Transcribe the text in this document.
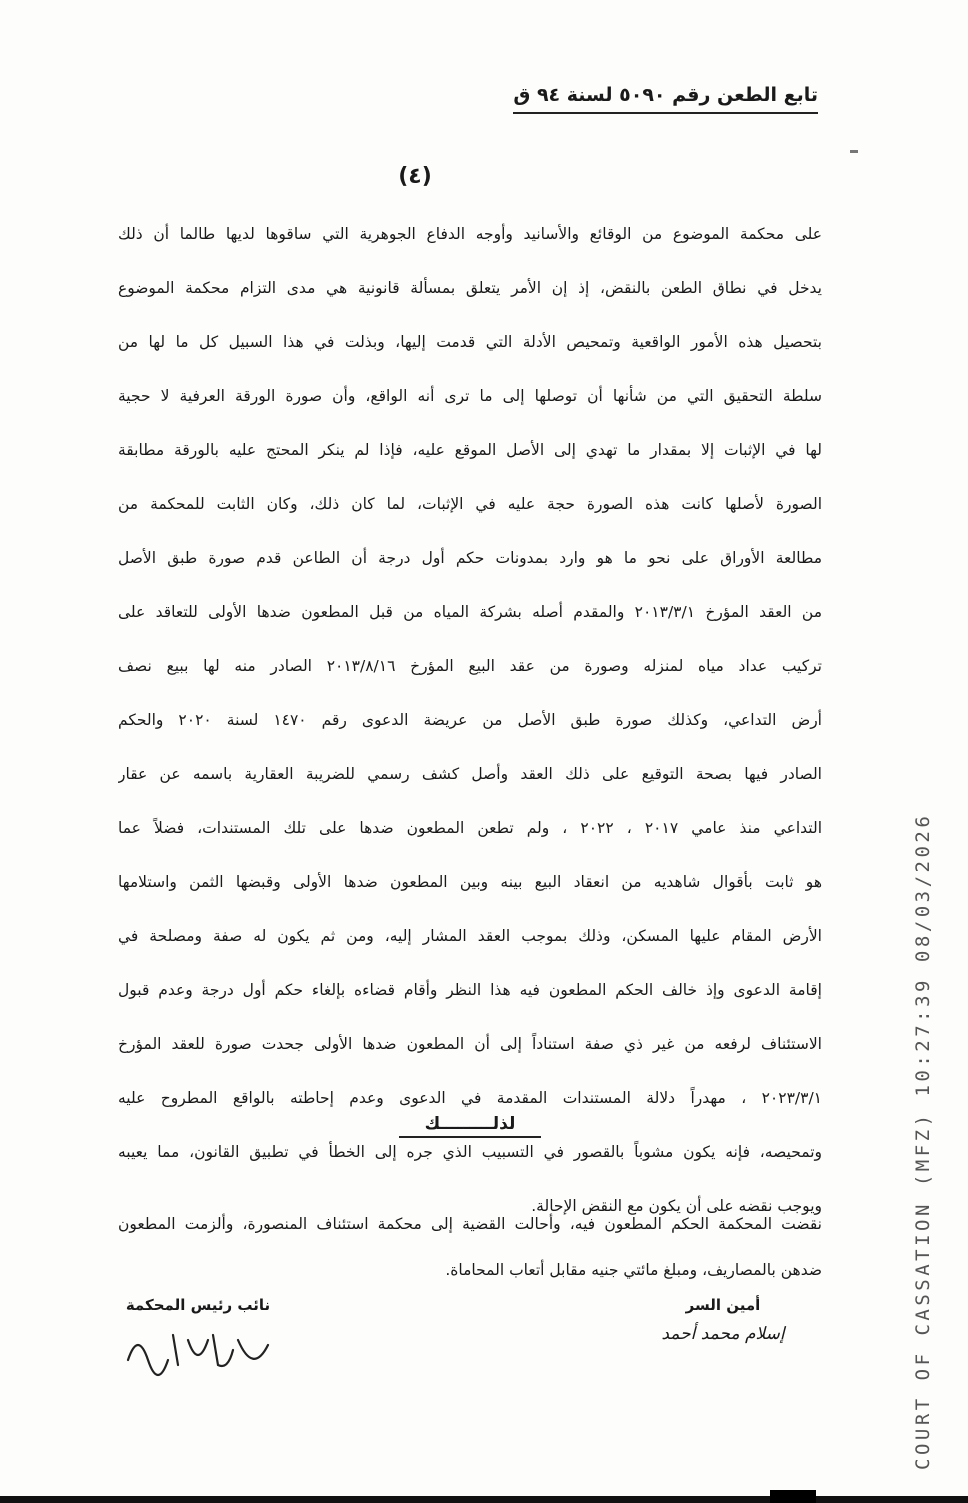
تابع الطعن رقم ٥٠٩٠ لسنة ٩٤ ق
(٤)
على محكمة الموضوع من الوقائع والأسانيد وأوجه الدفاع الجوهرية التي ساقوها لديها طالما أن ذلك
يدخل في نطاق الطعن بالنقض، إذ إن الأمر يتعلق بمسألة قانونية هي مدى التزام محكمة الموضوع
بتحصيل هذه الأمور الواقعية وتمحيص الأدلة التي قدمت إليها، وبذلت في هذا السبيل كل ما لها من
سلطة التحقيق التي من شأنها أن توصلها إلى ما ترى أنه الواقع، وأن صورة الورقة العرفية لا حجية
لها في الإثبات إلا بمقدار ما تهدي إلى الأصل الموقع عليه، فإذا لم ينكر المحتج عليه بالورقة مطابقة
الصورة لأصلها كانت هذه الصورة حجة عليه في الإثبات، لما كان ذلك، وكان الثابت للمحكمة من
مطالعة الأوراق على نحو ما هو وارد بمدونات حكم أول درجة أن الطاعن قدم صورة طبق الأصل
من العقد المؤرخ ٢٠١٣/٣/١ والمقدم أصله بشركة المياه من قبل المطعون ضدها الأولى للتعاقد على
تركيب عداد مياه لمنزله وصورة من عقد البيع المؤرخ ٢٠١٣/٨/١٦ الصادر منه لها ببيع نصف
أرض التداعي، وكذلك صورة طبق الأصل من عريضة الدعوى رقم ١٤٧٠ لسنة ٢٠٢٠ والحكم
الصادر فيها بصحة التوقيع على ذلك العقد وأصل كشف رسمي للضريبة العقارية باسمه عن عقار
التداعي منذ عامي ٢٠١٧ ، ٢٠٢٢ ، ولم تطعن المطعون ضدها على تلك المستندات، فضلاً عما
هو ثابت بأقوال شاهديه من انعقاد البيع بينه وبين المطعون ضدها الأولى وقبضها الثمن واستلامها
الأرض المقام عليها المسكن، وذلك بموجب العقد المشار إليه، ومن ثم يكون له صفة ومصلحة في
إقامة الدعوى وإذ خالف الحكم المطعون فيه هذا النظر وأقام قضاءه بإلغاء حكم أول درجة وعدم قبول
الاستئناف لرفعه من غير ذي صفة استناداً إلى أن المطعون ضدها الأولى جحدت صورة للعقد المؤرخ
٢٠٢٣/٣/١ ، مهدراً دلالة المستندات المقدمة في الدعوى وعدم إحاطته بالواقع المطروح عليه
وتمحيصه، فإنه يكون مشوباً بالقصور في التسبيب الذي جره إلى الخطأ في تطبيق القانون، مما يعيبه
ويوجب نقضه على أن يكون مع النقض الإحالة.
لذلـــــــــك
نقضت المحكمة الحكم المطعون فيه، وأحالت القضية إلى محكمة استئناف المنصورة، وألزمت المطعون
ضدهن بالمصاريف، ومبلغ مائتي جنيه مقابل أتعاب المحاماة.
أمين السر
إسلام محمد أحمد
نائب رئيس المحكمة	COURT OF CASSATION (MFZ) 10:27:39 08/03/2026
